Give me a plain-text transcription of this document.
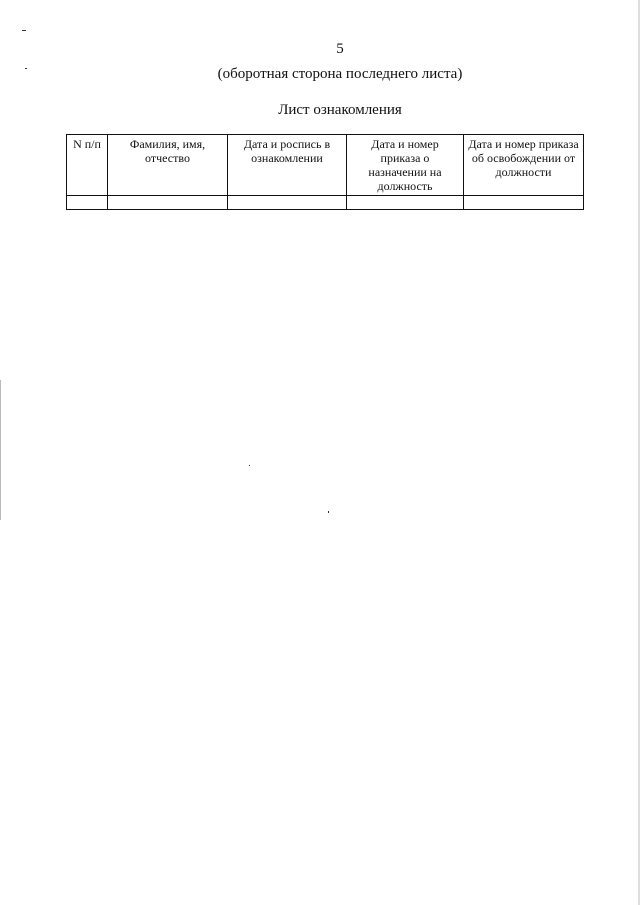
5
(оборотная сторона последнего листа)
Лист ознакомления
N п/п	Фамилия, имя, отчество	Дата и роспись в ознакомлении	Дата и номер приказа о назначении на должность	Дата и номер приказа об освобождении от должности
